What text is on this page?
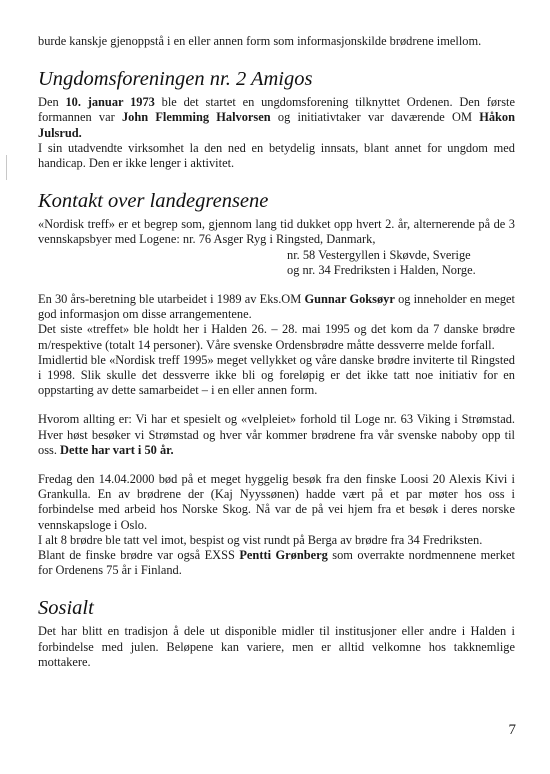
burde kanskje gjenoppstå i en eller annen form som informasjonskilde brødrene imellom.

Ungdomsforeningen nr. 2 Amigos

Den 10. januar 1973 ble det startet en ungdomsforening tilknyttet Ordenen. Den første formannen var John Flemming Halvorsen og initiativtaker var daværende OM Håkon Julsrud.

I sin utadvendte virksomhet la den ned en betydelig innsats, blant annet for ungdom med handicap. Den er ikke lenger i aktivitet.

Kontakt over landegrensene

«Nordisk treff» er et begrep som, gjennom lang tid dukket opp hvert 2. år, alternerende på de 3 vennskapsbyer med Logene: nr. 76 Asger Ryg i Ringsted, Danmark,

nr. 58 Vestergyllen i Skøvde, Sverige

og nr. 34 Fredriksten i Halden, Norge.

En 30 års-beretning ble utarbeidet i 1989 av Eks.OM Gunnar Goksøyr og inneholder en meget god informasjon om disse arrangementene.

Det siste «treffet» ble holdt her i Halden 26. – 28. mai 1995 og det kom da 7 danske brødre m/respektive (totalt 14 personer). Våre svenske Ordensbrødre måtte dessverre melde forfall.

Imidlertid ble «Nordisk treff 1995» meget vellykket og våre danske brødre inviterte til Ringsted i 1998. Slik skulle det dessverre ikke bli og foreløpig er det ikke tatt noe initiativ for en oppstarting av dette samarbeidet – i en eller annen form.

Hvorom allting er: Vi har et spesielt og «velpleiet» forhold til Loge nr. 63 Viking i Strømstad. Hver høst besøker vi Strømstad og hver vår kommer brødrene fra vår svenske naboby opp til oss. Dette har vart i 50 år.

Fredag den 14.04.2000 bød på et meget hyggelig besøk fra den finske Loosi 20 Alexis Kivi i Grankulla. En av brødrene der (Kaj Nyyssønen) hadde vært på et par møter hos oss i forbindelse med arbeid hos Norske Skog. Nå var de på vei hjem fra et besøk i deres norske vennskapsloge i Oslo.

I alt 8 brødre ble tatt vel imot, bespist og vist rundt på Berga av brødre fra 34 Fredriksten.

Blant de finske brødre var også EXSS Pentti Grønberg som overrakte nordmennene merket for Ordenens 75 år i Finland.

Sosialt

Det har blitt en tradisjon å dele ut disponible midler til institusjoner eller andre i Halden i forbindelse med julen. Beløpene kan variere, men er alltid velkomne hos takknemlige mottakere.

7
